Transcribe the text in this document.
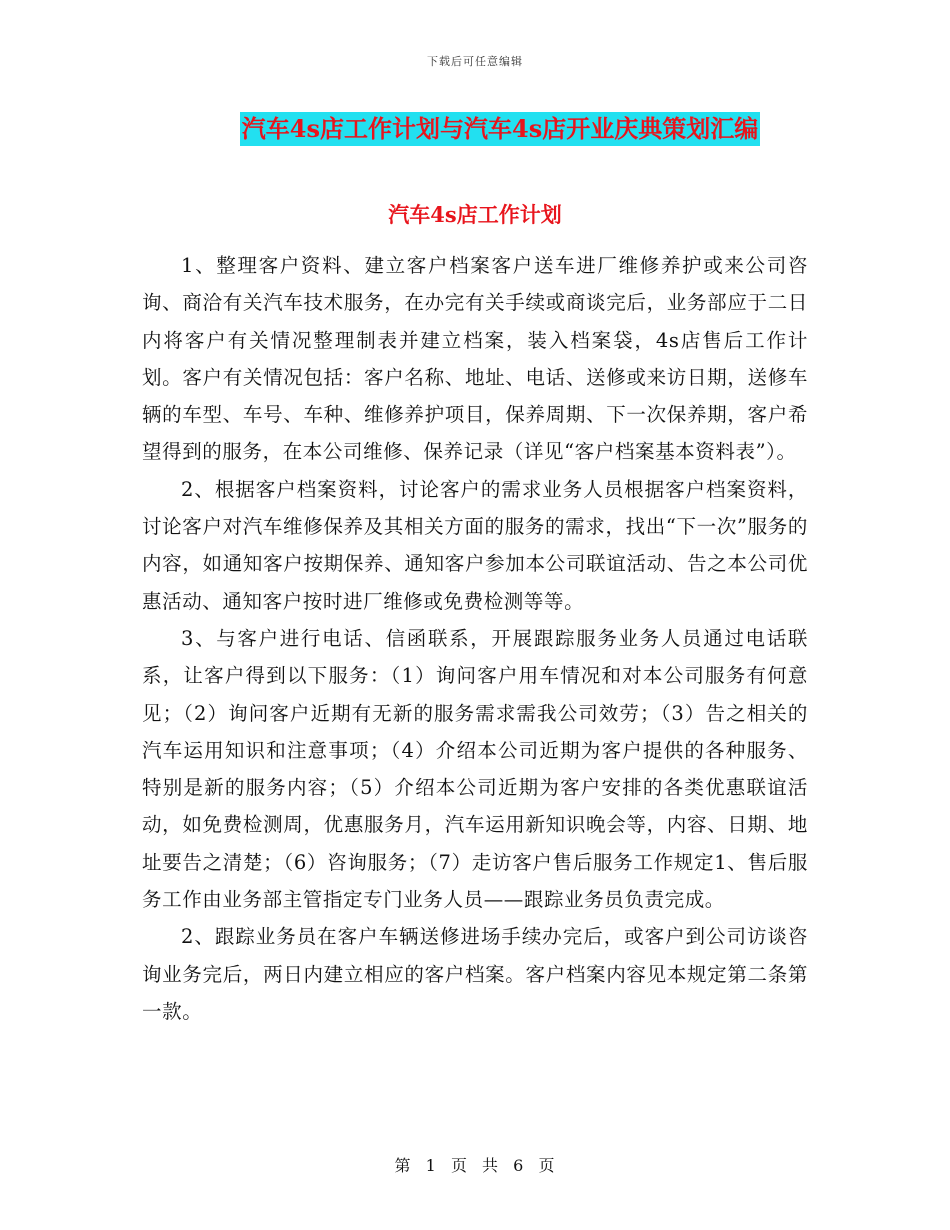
下载后可任意编辑
汽车4s店工作计划与汽车4s店开业庆典策划汇编
汽车4s店工作计划

1、整理客户资料、建立客户档案客户送车进厂维修养护或来公司咨询、商洽有关汽车技术服务，在办完有关手续或商谈完后，业务部应于二日内将客户有关情况整理制表并建立档案，装入档案袋，4s店售后工作计划。客户有关情况包括：客户名称、地址、电话、送修或来访日期，送修车辆的车型、车号、车种、维修养护项目，保养周期、下一次保养期，客户希望得到的服务，在本公司维修、保养记录（详见“客户档案基本资料表”）。

2、根据客户档案资料，讨论客户的需求业务人员根据客户档案资料，讨论客户对汽车维修保养及其相关方面的服务的需求，找出“下一次”服务的内容，如通知客户按期保养、通知客户参加本公司联谊活动、告之本公司优惠活动、通知客户按时进厂维修或免费检测等等。

3、与客户进行电话、信函联系，开展跟踪服务业务人员通过电话联系，让客户得到以下服务：（1）询问客户用车情况和对本公司服务有何意见；（2）询问客户近期有无新的服务需求需我公司效劳；（3）告之相关的汽车运用知识和注意事项；（4）介绍本公司近期为客户提供的各种服务、特别是新的服务内容；（5）介绍本公司近期为客户安排的各类优惠联谊活动，如免费检测周，优惠服务月，汽车运用新知识晚会等，内容、日期、地址要告之清楚；（6）咨询服务；（7）走访客户售后服务工作规定1、售后服务工作由业务部主管指定专门业务人员——跟踪业务员负责完成。

2、跟踪业务员在客户车辆送修进场手续办完后，或客户到公司访谈咨询业务完后，两日内建立相应的客户档案。客户档案内容见本规定第二条第一款。

第 1 页 共 6 页
